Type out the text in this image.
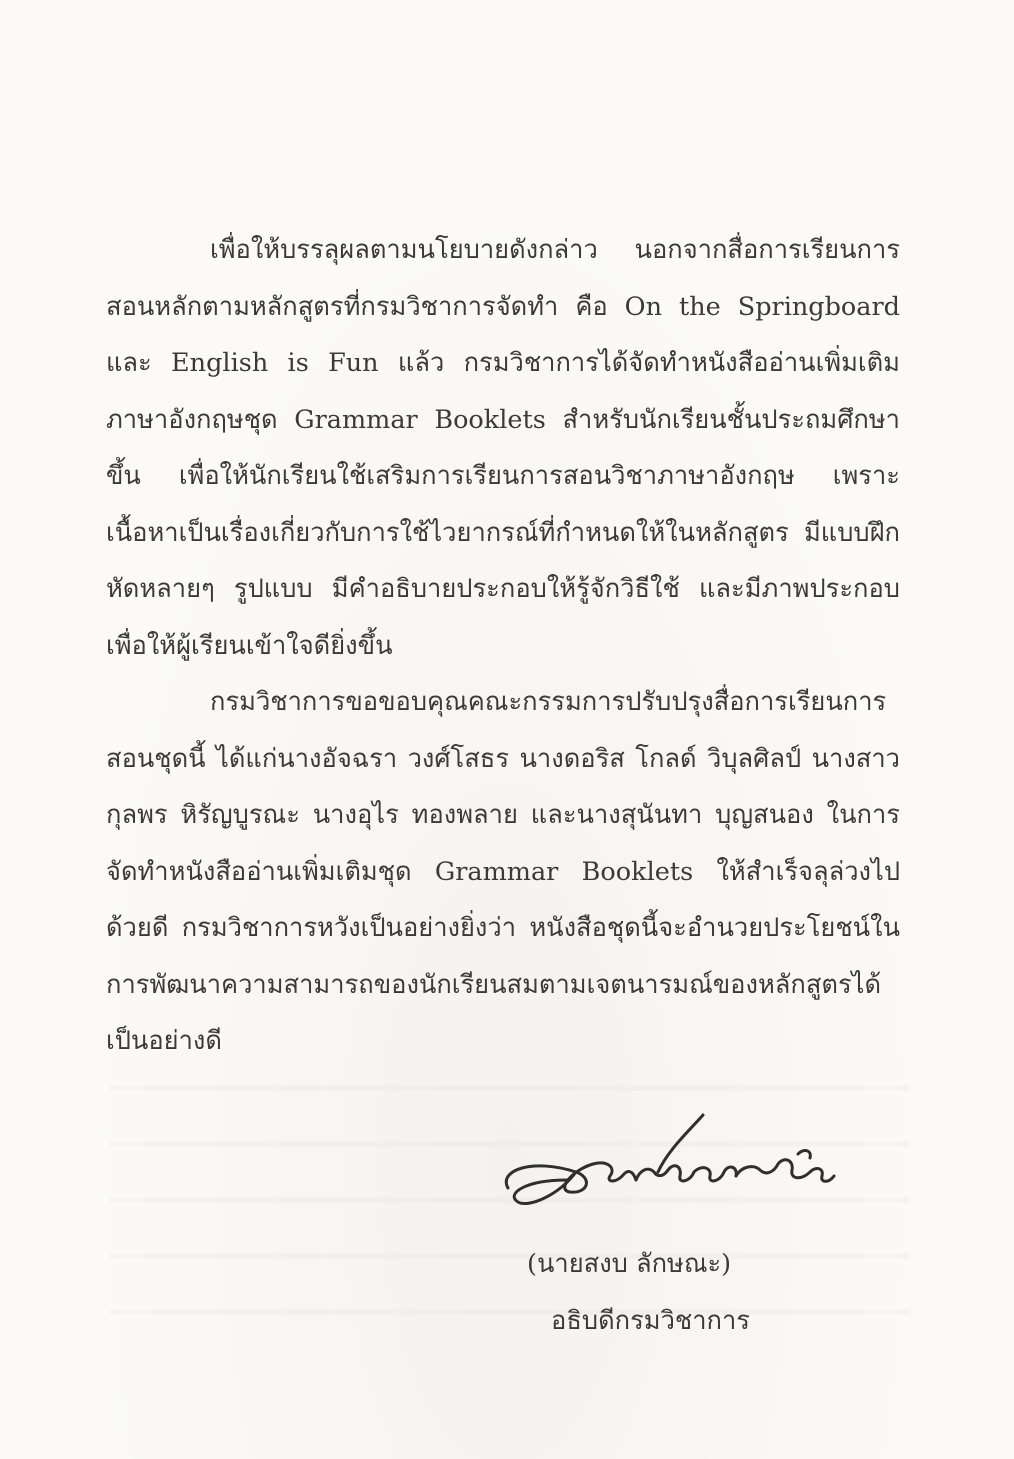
เพื่อให้บรรลุผลตามนโยบายดังกล่าว นอกจากสื่อการเรียนการสอนหลักตามหลักสูตรที่กรมวิชาการจัดทำ คือ On the Springboard และ English is Fun แล้ว กรมวิชาการได้จัดทำหนังสืออ่านเพิ่มเติมภาษาอังกฤษชุด Grammar Booklets สำหรับนักเรียนชั้นประถมศึกษาขึ้น เพื่อให้นักเรียนใช้เสริมการเรียนการสอนวิชาภาษาอังกฤษ เพราะเนื้อหาเป็นเรื่องเกี่ยวกับการใช้ไวยากรณ์ที่กำหนดให้ในหลักสูตร มีแบบฝึกหัดหลายๆ รูปแบบ มีคำอธิบายประกอบให้รู้จักวิธีใช้ และมีภาพประกอบเพื่อให้ผู้เรียนเข้าใจดียิ่งขึ้น

กรมวิชาการขอขอบคุณคณะกรรมการปรับปรุงสื่อการเรียนการสอนชุดนี้ ได้แก่นางอัจฉรา วงศ์โสธร นางดอริส โกลด์ วิบุลศิลป์ นางสาวกุลพร หิรัญบูรณะ นางอุไร ทองพลาย และนางสุนันทา บุญสนอง ในการจัดทำหนังสืออ่านเพิ่มเติมชุด Grammar Booklets ให้สำเร็จลุล่วงไปด้วยดี กรมวิชาการหวังเป็นอย่างยิ่งว่า หนังสือชุดนี้จะอำนวยประโยชน์ในการพัฒนาความสามารถของนักเรียนสมตามเจตนารมณ์ของหลักสูตรได้เป็นอย่างดี

(นายสงบ ลักษณะ)
อธิบดีกรมวิชาการ
